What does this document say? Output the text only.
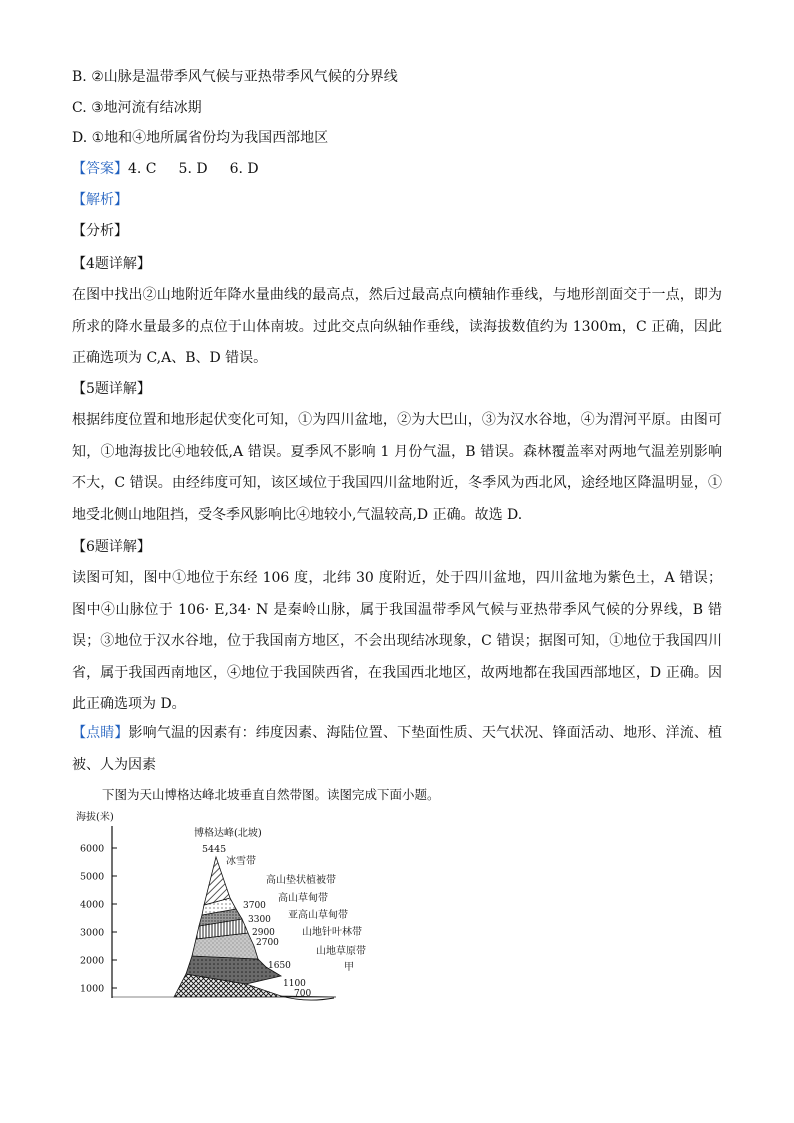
B. ②山脉是温带季风气候与亚热带季风气候的分界线
C. ③地河流有结冰期
D. ①地和④地所属省份均为我国西部地区
【答案】4. C 5. D 6. D
【解析】
【分析】
【4题详解】
在图中找出②山地附近年降水量曲线的最高点，然后过最高点向横轴作垂线，与地形剖面交于一点，即为所求的降水量最多的点位于山体南坡。过此交点向纵轴作垂线，读海拔数值约为 1300m，C 正确，因此正确选项为 C,A、B、D 错误。
【5题详解】
根据纬度位置和地形起伏变化可知，①为四川盆地，②为大巴山，③为汉水谷地，④为渭河平原。由图可知，①地海拔比④地较低,A 错误。夏季风不影响 1 月份气温，B 错误。森林覆盖率对两地气温差别影响不大，C 错误。由经纬度可知，该区域位于我国四川盆地附近，冬季风为西北风，途经地区降温明显，①地受北侧山地阻挡，受冬季风影响比④地较小,气温较高,D 正确。故选 D.
【6题详解】
读图可知，图中①地位于东经 106 度，北纬 30 度附近，处于四川盆地，四川盆地为紫色土，A 错误；图中④山脉位于 106· E,34· N 是秦岭山脉，属于我国温带季风气候与亚热带季风气候的分界线，B 错误；③地位于汉水谷地，位于我国南方地区，不会出现结冰现象，C 错误；据图可知，①地位于我国四川省，属于我国西南地区，④地位于我国陕西省，在我国西北地区，故两地都在我国西部地区，D 正确。因此正确选项为 D。
【点睛】影响气温的因素有：纬度因素、海陆位置、下垫面性质、天气状况、锋面活动、地形、洋流、植被、人为因素
下图为天山博格达峰北坡垂直自然带图。读图完成下面小题。
海拔(米)
6000
5000
4000
3000
2000
1000
博格达峰(北坡)
5445
3700
3300
2900
2700
1650
1100
700
冰雪带
高山垫状植被带
高山草甸带
亚高山草甸带
山地针叶林带
山地草原带
甲
